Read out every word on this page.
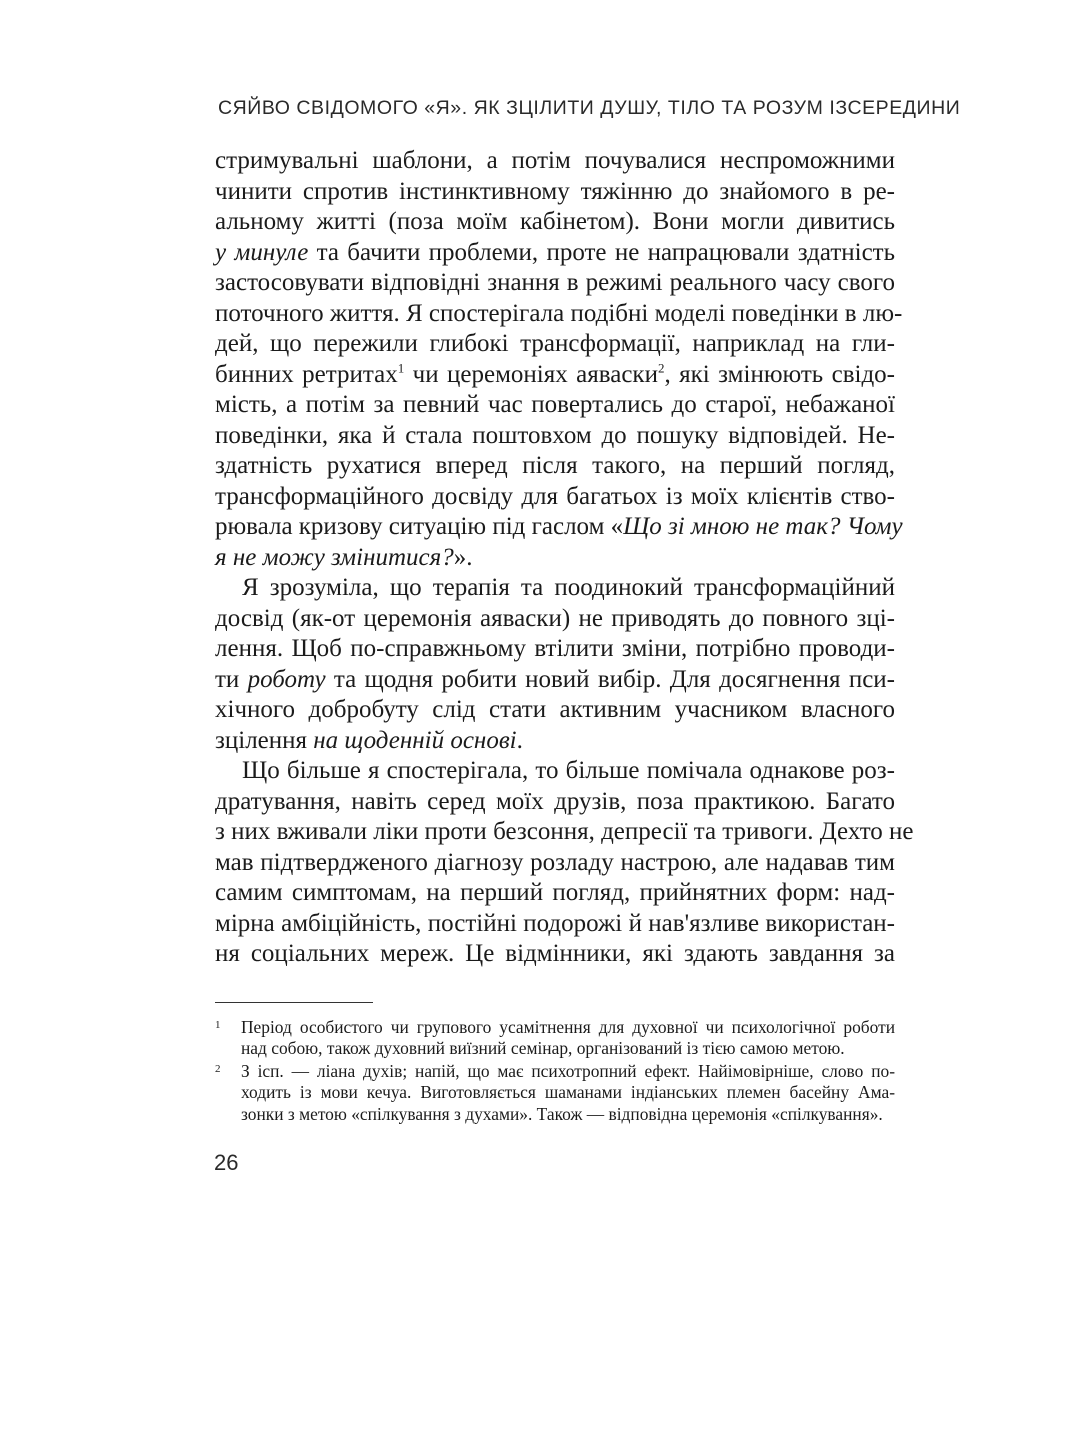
СЯЙВО СВІДОМОГО «Я». ЯК ЗЦІЛИТИ ДУШУ, ТІЛО ТА РОЗУМ ІЗСЕРЕДИНИ
стримувальні шаблони, а потім почувалися неспроможними
чинити спротив інстинктивному тяжінню до знайомого в ре-
альному житті (поза моїм кабінетом). Вони могли дивитись
у минуле та бачити проблеми, проте не напрацювали здатність
застосовувати відповідні знання в режимі реального часу свого
поточного життя. Я спостерігала подібні моделі поведінки в лю-
дей, що пережили глибокі трансформації, наприклад на гли-
бинних ретритах$^1$ чи церемоніях аяваски$^2$, які змінюють свідо-
мість, а потім за певний час повертались до старої, небажаної
поведінки, яка й стала поштовхом до пошуку відповідей. Не-
здатність рухатися вперед після такого, на перший погляд,
трансформаційного досвіду для багатьох із моїх клієнтів ство-
рювала кризову ситуацію під гаслом «Що зі мною не так? Чому
я не можу змінитися?».
Я зрозуміла, що терапія та поодинокий трансформаційний
досвід (як-от церемонія аяваски) не приводять до повного зці-
лення. Щоб по-справжньому втілити зміни, потрібно проводи-
ти роботу та щодня робити новий вибір. Для досягнення пси-
хічного добробуту слід стати активним учасником власного
зцілення на щоденній основі.
Що більше я спостерігала, то більше помічала однакове роз-
дратування, навіть серед моїх друзів, поза практикою. Багато
з них вживали ліки проти безсоння, депресії та тривоги. Дехто не
мав підтвердженого діагнозу розладу настрою, але надавав тим
самим симптомам, на перший погляд, прийнятних форм: над-
мірна амбіційність, постійні подорожі й нав'язливе використан-
ня соціальних мереж. Це відмінники, які здають завдання за
1 Період особистого чи групового усамітнення для духовної чи психологічної роботи
над собою, також духовний виїзний семінар, організований із тією самою метою.
2 З ісп. — ліана духів; напій, що має психотропний ефект. Найімовірніше, слово по-
ходить із мови кечуа. Виготовляється шаманами індіанських племен басейну Ама-
зонки з метою «спілкування з духами». Також — відповідна церемонія «спілкування».
26
